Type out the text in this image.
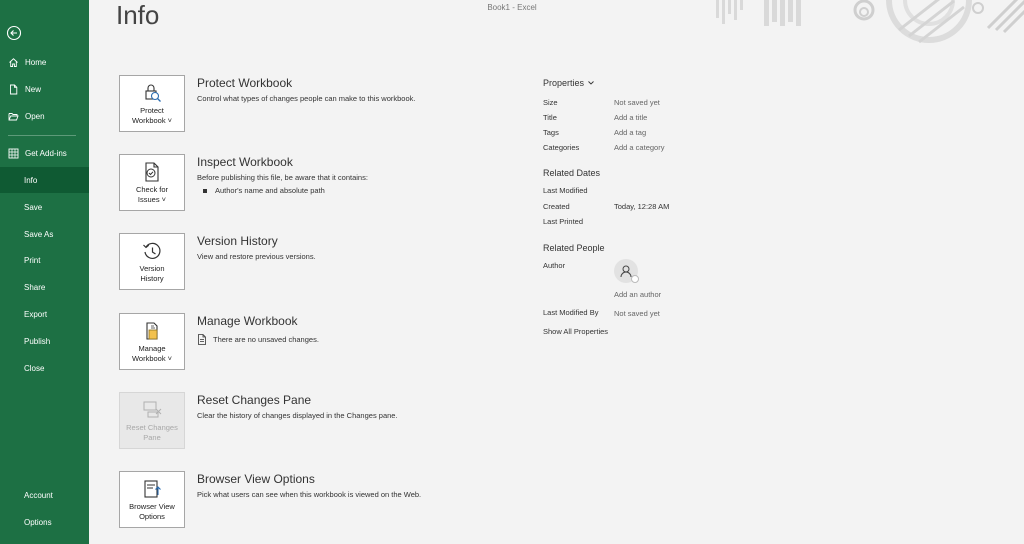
Home
New
Open
Get Add-ins
Info
Save
Save As
Print
Share
Export
Publish
Close
Account
Options
Book1 - Excel
Info
Protect
Workbook ˅
Protect Workbook
Control what types of changes people can make to this workbook.
Check for
Issues ˅
Inspect Workbook
Before publishing this file, be aware that it contains:
Author's name and absolute path
Version
History
Version History
View and restore previous versions.
Manage
Workbook ˅
Manage Workbook
There are no unsaved changes.
Reset Changes
Pane
Reset Changes Pane
Clear the history of changes displayed in the Changes pane.
Browser View
Options
Browser View Options
Pick what users can see when this workbook is viewed on the Web.
Properties
Size	Not saved yet
Title	Add a title
Tags	Add a tag
Categories	Add a category
Related Dates
Last Modified
Created	Today, 12:28 AM
Last Printed
Related People
Author
Add an author
Last Modified By Not saved yet
Show All Properties
